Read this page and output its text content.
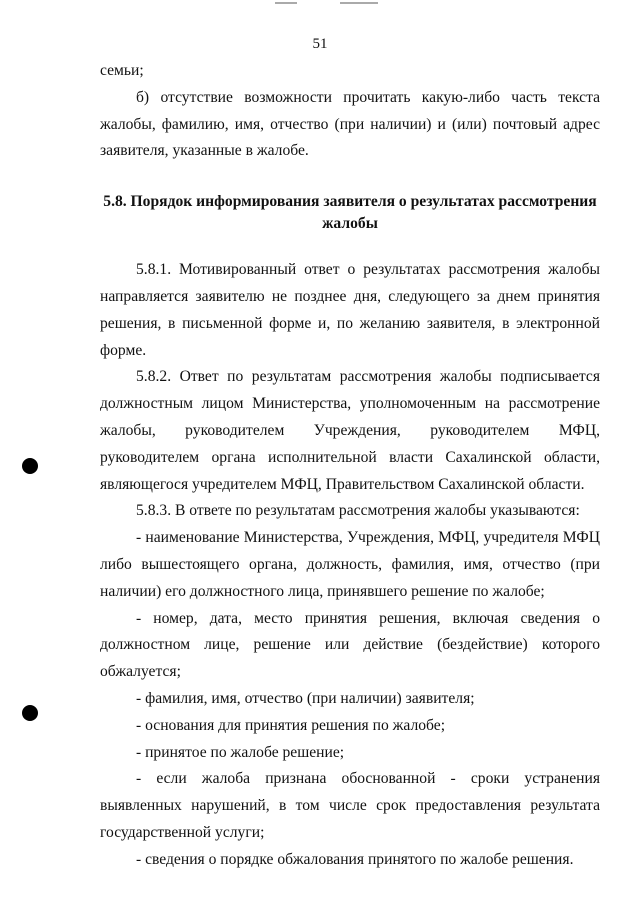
51

семьи;

б) отсутствие возможности прочитать какую-либо часть текста жалобы, фамилию, имя, отчество (при наличии) и (или) почтовый адрес заявителя, указанные в жалобе.

5.8. Порядок информирования заявителя о результатах рассмотрения жалобы

5.8.1. Мотивированный ответ о результатах рассмотрения жалобы направляется заявителю не позднее дня, следующего за днем принятия решения, в письменной форме и, по желанию заявителя, в электронной форме.

5.8.2. Ответ по результатам рассмотрения жалобы подписывается должностным лицом Министерства, уполномоченным на рассмотрение жалобы, руководителем Учреждения, руководителем МФЦ, руководителем органа исполнительной власти Сахалинской области, являющегося учредителем МФЦ, Правительством Сахалинской области.

5.8.3. В ответе по результатам рассмотрения жалобы указываются:

- наименование Министерства, Учреждения, МФЦ, учредителя МФЦ либо вышестоящего органа, должность, фамилия, имя, отчество (при наличии) его должностного лица, принявшего решение по жалобе;

- номер, дата, место принятия решения, включая сведения о должностном лице, решение или действие (бездействие) которого обжалуется;

- фамилия, имя, отчество (при наличии) заявителя;

- основания для принятия решения по жалобе;

- принятое по жалобе решение;

- если жалоба признана обоснованной - сроки устранения выявленных нарушений, в том числе срок предоставления результата государственной услуги;

- сведения о порядке обжалования принятого по жалобе решения.
